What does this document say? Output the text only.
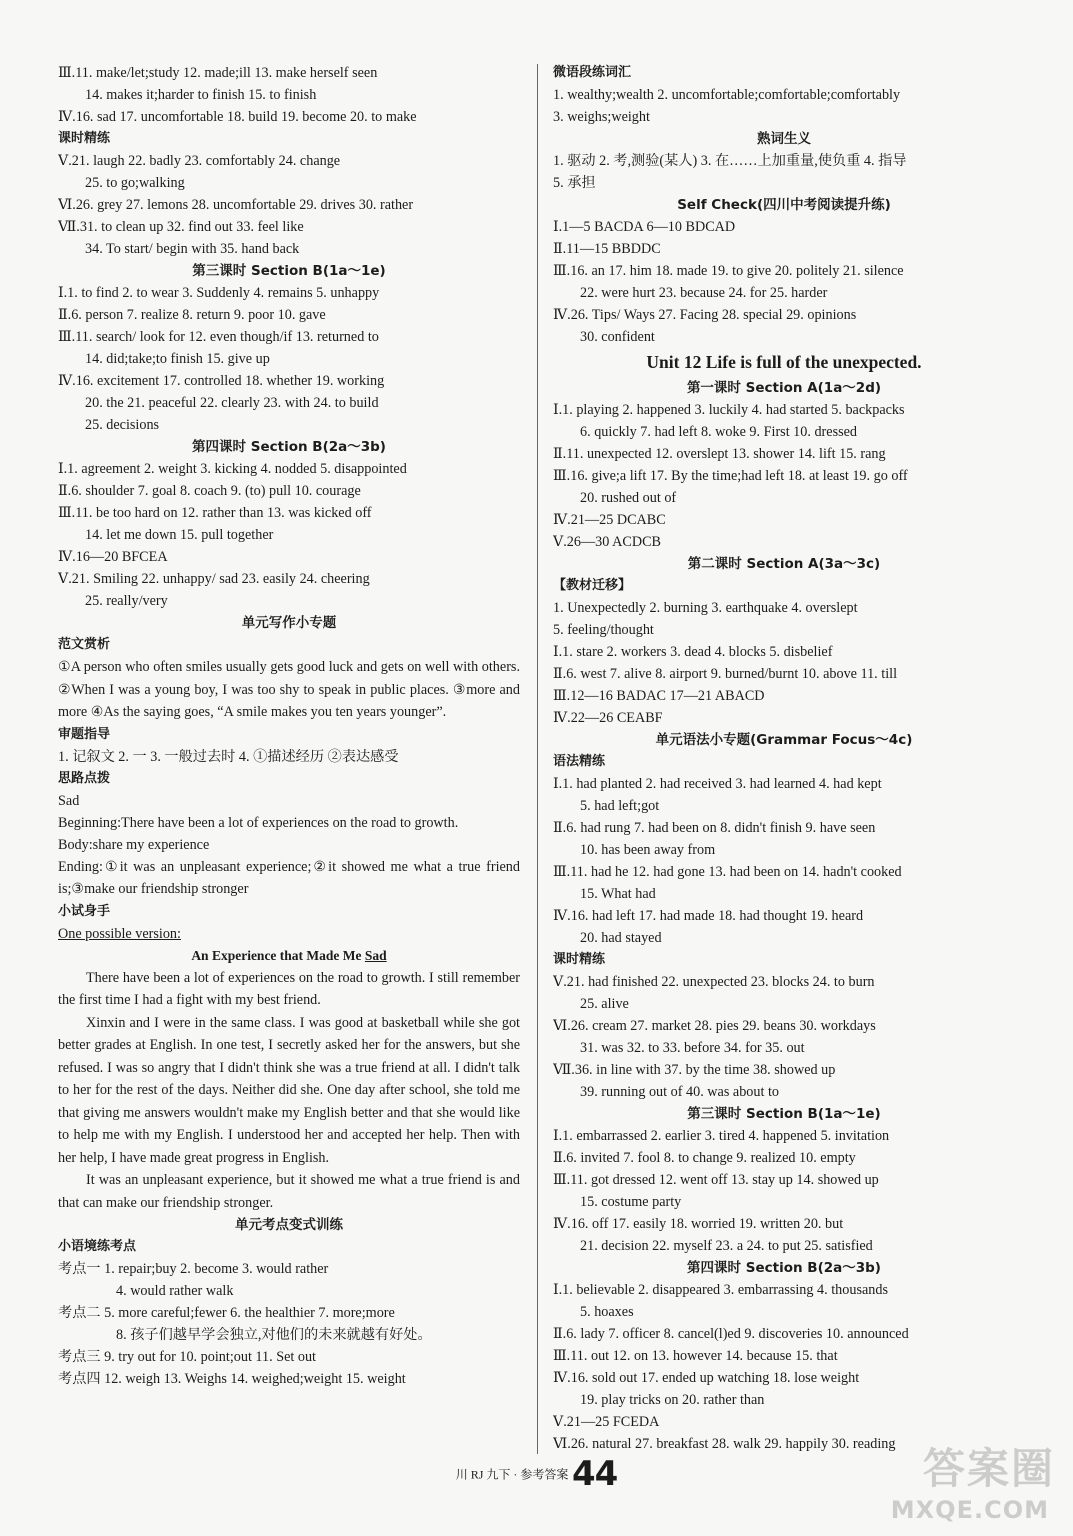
Ⅲ.11. make/let;study 12. made;ill 13. make herself seen
14. makes it;harder to finish 15. to finish
Ⅳ.16. sad 17. uncomfortable 18. build 19. become 20. to make
课时精练
Ⅴ.21. laugh 22. badly 23. comfortably 24. change
25. to go;walking
Ⅵ.26. grey 27. lemons 28. uncomfortable 29. drives 30. rather
Ⅶ.31. to clean up 32. find out 33. feel like
34. To start/ begin with 35. hand back
第三课时 Section B(1a～1e)
Ⅰ.1. to find 2. to wear 3. Suddenly 4. remains 5. unhappy
Ⅱ.6. person 7. realize 8. return 9. poor 10. gave
Ⅲ.11. search/ look for 12. even though/if 13. returned to
14. did;take;to finish 15. give up
Ⅳ.16. excitement 17. controlled 18. whether 19. working
20. the 21. peaceful 22. clearly 23. with 24. to build
25. decisions
第四课时 Section B(2a～3b)
Ⅰ.1. agreement 2. weight 3. kicking 4. nodded 5. disappointed
Ⅱ.6. shoulder 7. goal 8. coach 9. (to) pull 10. courage
Ⅲ.11. be too hard on 12. rather than 13. was kicked off
14. let me down 15. pull together
Ⅳ.16—20 BFCEA
Ⅴ.21. Smiling 22. unhappy/ sad 23. easily 24. cheering
25. really/very
单元写作小专题
范文赏析
①A person who often smiles usually gets good luck and gets on well with others. ②When I was a young boy, I was too shy to speak in public places. ③more and more ④As the saying goes, “A smile makes you ten years younger”.
审题指导
1. 记叙文 2. 一 3. 一般过去时 4. ①描述经历 ②表达感受
思路点拨
Sad
Beginning:There have been a lot of experiences on the road to growth.
Body:share my experience
Ending:①it was an unpleasant experience;②it showed me what a true friend is;③make our friendship stronger
小试身手
One possible version:
An Experience that Made Me Sad
There have been a lot of experiences on the road to growth. I still remember the first time I had a fight with my best friend.
Xinxin and I were in the same class. I was good at basketball while she got better grades at English. In one test, I secretly asked her for the answers, but she refused. I was so angry that I didn't think she was a true friend at all. I didn't talk to her for the rest of the days. Neither did she. One day after school, she told me that giving me answers wouldn't make my English better and that she would like to help me with my English. I understood her and accepted her help. Then with her help, I have made great progress in English.
It was an unpleasant experience, but it showed me what a true friend is and that can make our friendship stronger.
单元考点变式训练
小语境练考点
考点一 1. repair;buy 2. become 3. would rather
4. would rather walk
考点二 5. more careful;fewer 6. the healthier 7. more;more
8. 孩子们越早学会独立,对他们的未来就越有好处。
考点三 9. try out for 10. point;out 11. Set out
考点四 12. weigh 13. Weighs 14. weighed;weight 15. weight
微语段练词汇
1. wealthy;wealth 2. uncomfortable;comfortable;comfortably
3. weighs;weight
熟词生义
1. 驱动 2. 考,测验(某人) 3. 在……上加重量,使负重 4. 指导
5. 承担
Self Check(四川中考阅读提升练)
Ⅰ.1—5 BACDA 6—10 BDCAD
Ⅱ.11—15 BBDDC
Ⅲ.16. an 17. him 18. made 19. to give 20. politely 21. silence
22. were hurt 23. because 24. for 25. harder
Ⅳ.26. Tips/ Ways 27. Facing 28. special 29. opinions
30. confident
Unit 12 Life is full of the unexpected.
第一课时 Section A(1a～2d)
Ⅰ.1. playing 2. happened 3. luckily 4. had started 5. backpacks
6. quickly 7. had left 8. woke 9. First 10. dressed
Ⅱ.11. unexpected 12. overslept 13. shower 14. lift 15. rang
Ⅲ.16. give;a lift 17. By the time;had left 18. at least 19. go off
20. rushed out of
Ⅳ.21—25 DCABC
Ⅴ.26—30 ACDCB
第二课时 Section A(3a～3c)
【教材迁移】
1. Unexpectedly 2. burning 3. earthquake 4. overslept
5. feeling/thought
Ⅰ.1. stare 2. workers 3. dead 4. blocks 5. disbelief
Ⅱ.6. west 7. alive 8. airport 9. burned/burnt 10. above 11. till
Ⅲ.12—16 BADAC 17—21 ABACD
Ⅳ.22—26 CEABF
单元语法小专题(Grammar Focus～4c)
语法精练
Ⅰ.1. had planted 2. had received 3. had learned 4. had kept
5. had left;got
Ⅱ.6. had rung 7. had been on 8. didn't finish 9. have seen
10. has been away from
Ⅲ.11. had he 12. had gone 13. had been on 14. hadn't cooked
15. What had
Ⅳ.16. had left 17. had made 18. had thought 19. heard
20. had stayed
课时精练
Ⅴ.21. had finished 22. unexpected 23. blocks 24. to burn
25. alive
Ⅵ.26. cream 27. market 28. pies 29. beans 30. workdays
31. was 32. to 33. before 34. for 35. out
Ⅶ.36. in line with 37. by the time 38. showed up
39. running out of 40. was about to
第三课时 Section B(1a～1e)
Ⅰ.1. embarrassed 2. earlier 3. tired 4. happened 5. invitation
Ⅱ.6. invited 7. fool 8. to change 9. realized 10. empty
Ⅲ.11. got dressed 12. went off 13. stay up 14. showed up
15. costume party
Ⅳ.16. off 17. easily 18. worried 19. written 20. but
21. decision 22. myself 23. a 24. to put 25. satisfied
第四课时 Section B(2a～3b)
Ⅰ.1. believable 2. disappeared 3. embarrassing 4. thousands
5. hoaxes
Ⅱ.6. lady 7. officer 8. cancel(l)ed 9. discoveries 10. announced
Ⅲ.11. out 12. on 13. however 14. because 15. that
Ⅳ.16. sold out 17. ended up watching 18. lose weight
19. play tricks on 20. rather than
Ⅴ.21—25 FCEDA
Ⅵ.26. natural 27. breakfast 28. walk 29. happily 30. reading
川 RJ 九下 · 参考答案 44	答案圈
MXQE.COM
